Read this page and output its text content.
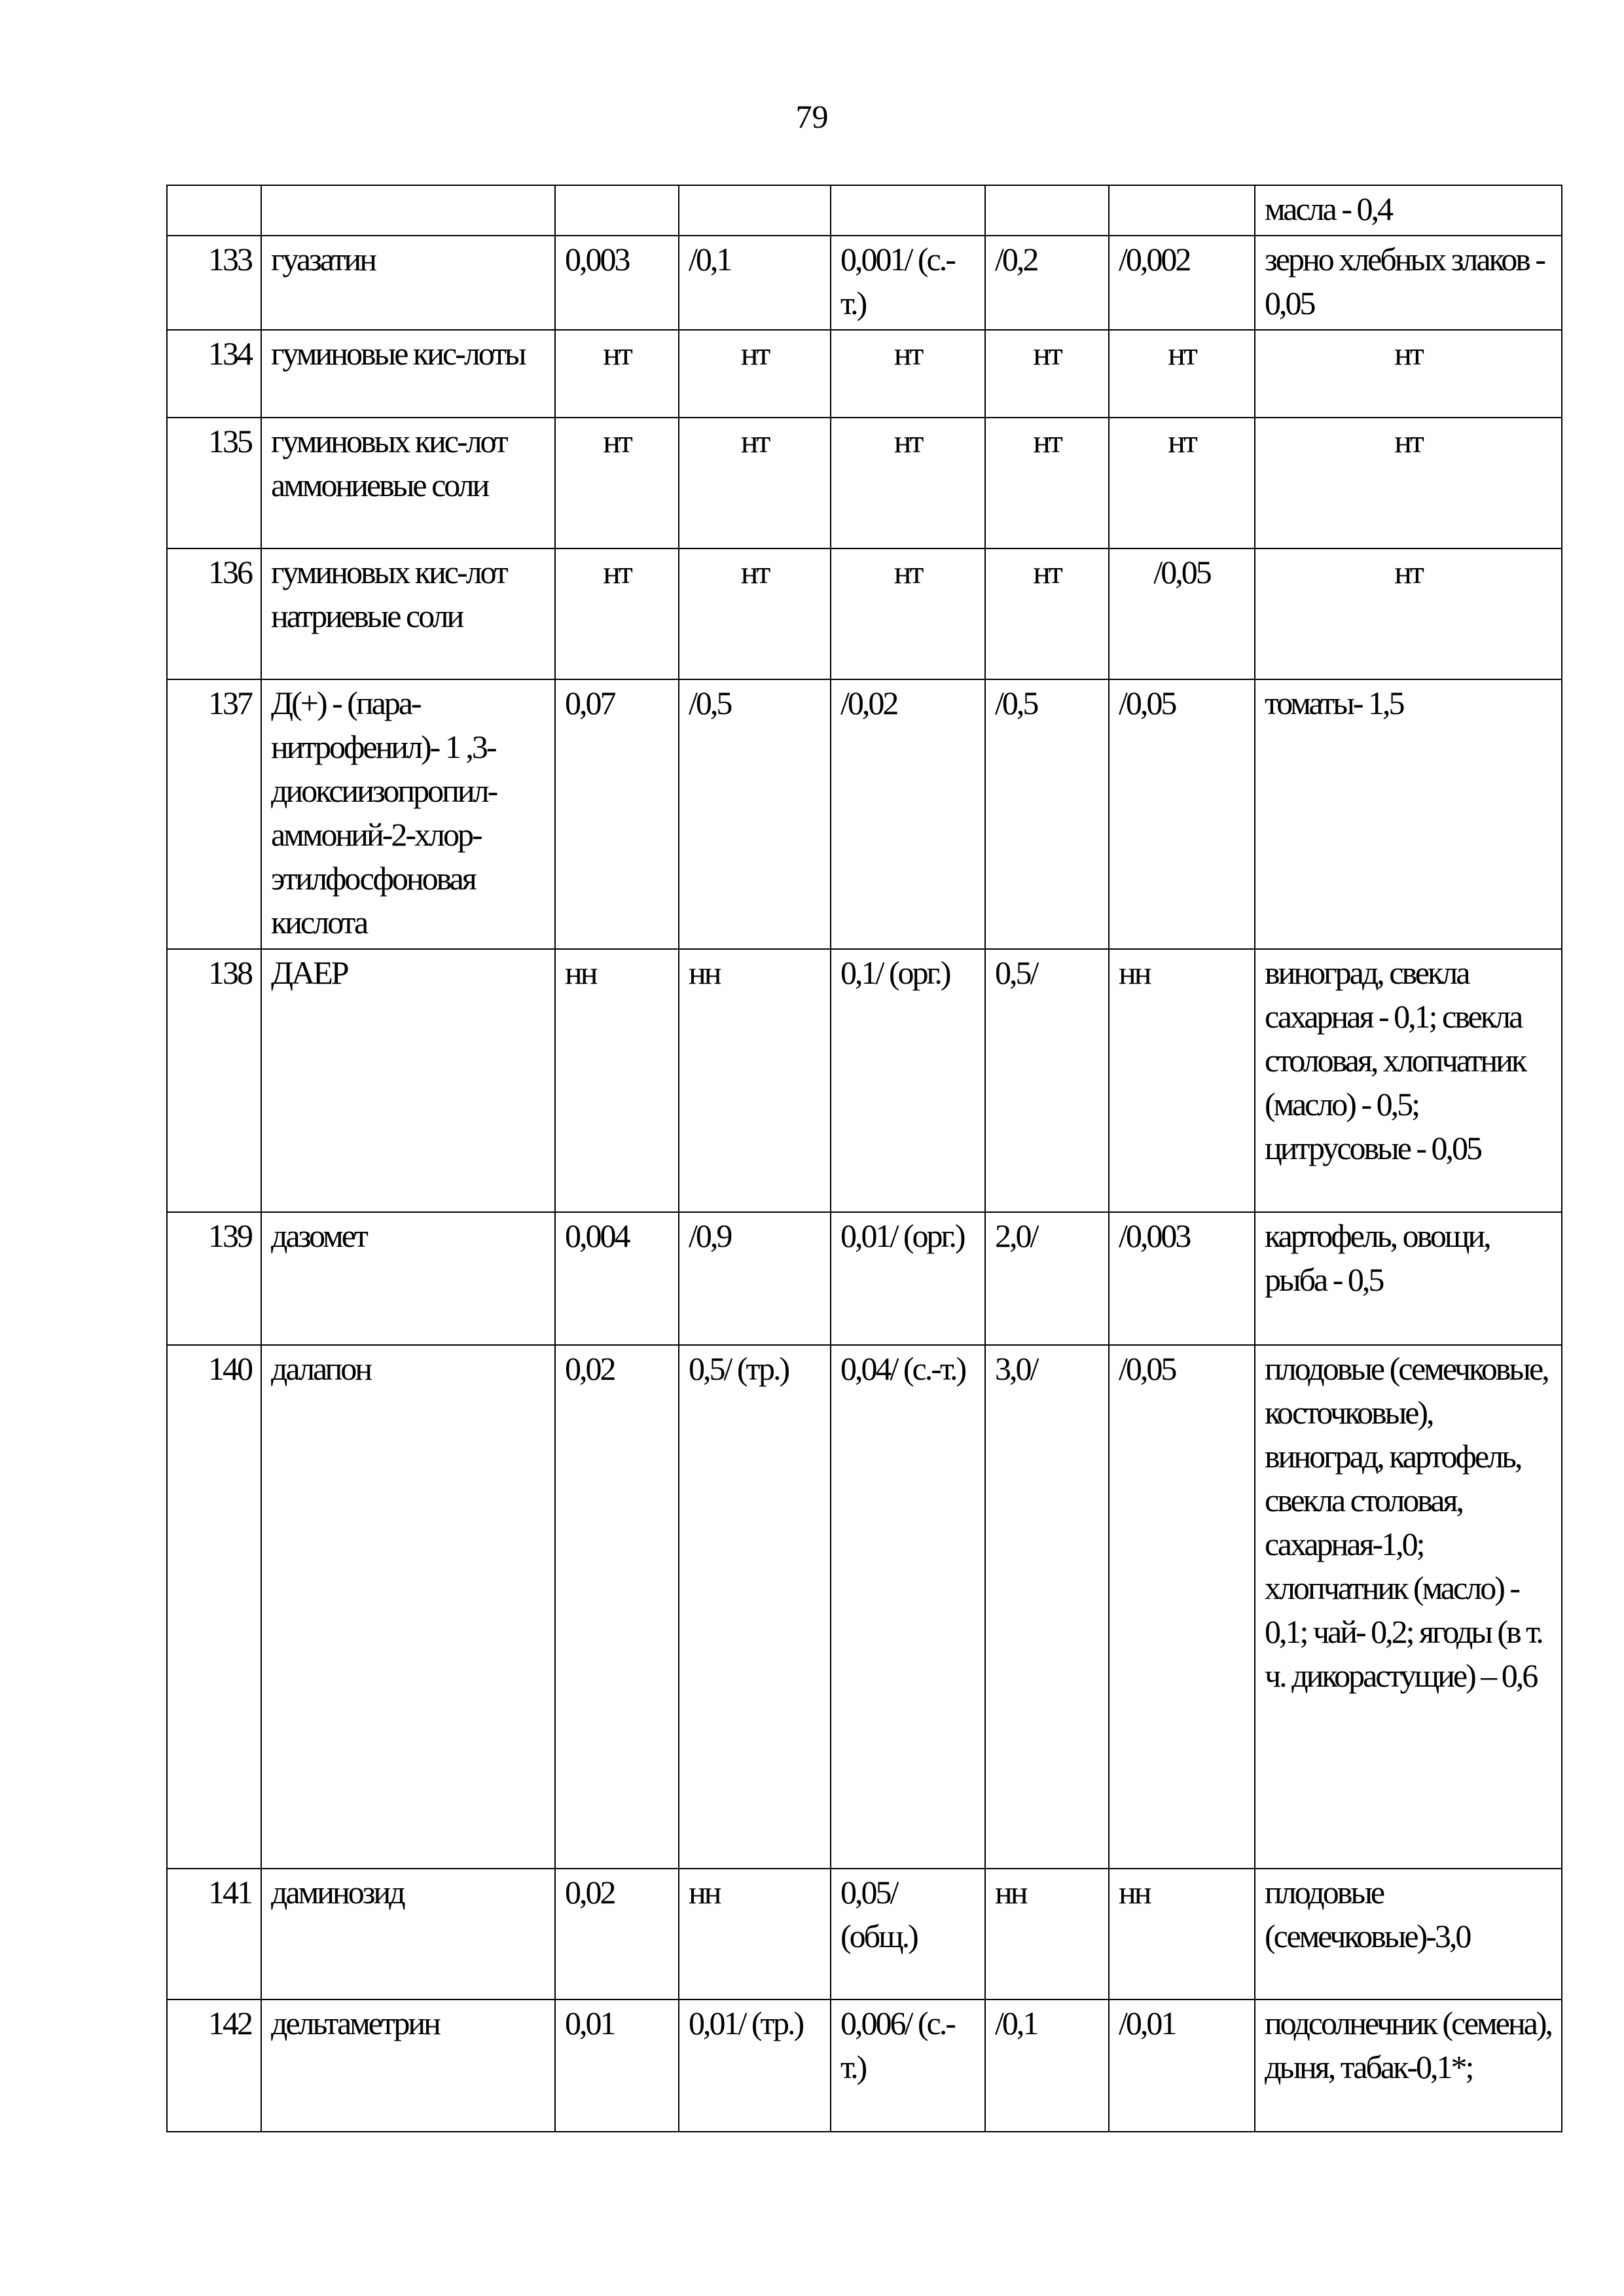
79
							масла - 0,4
133	гуазатин	0,003	/0,1	0,001/ (с.-т.)	/0,2	/0,002	зерно хлебных злаков - 0,05
134	гуминовые кис-лоты	нт	нт	нт	нт	нт	нт
135	гуминовых кис-лот аммониевые соли	нт	нт	нт	нт	нт	нт
136	гуминовых кис-лот натриевые соли	нт	нт	нт	нт	/0,05	нт
137	Д(+) - (пара-нитрофенил)- 1 ,3-диоксиизопропил-аммоний-2-хлор-этилфосфоновая кислота	0,07	/0,5	/0,02	/0,5	/0,05	томаты- 1,5
138	ДАЕР	нн	нн	0,1/ (орг.)	0,5/	нн	виноград, свекла сахарная - 0,1; свекла столовая, хлопчатник (масло) - 0,5; цитрусовые - 0,05
139	дазомет	0,004	/0,9	0,01/ (орг.)	2,0/	/0,003	картофель, овощи, рыба - 0,5
140	далапон	0,02	0,5/ (тр.)	0,04/ (с.-т.)	3,0/	/0,05	плодовые (семечковые, косточковые), виноград, картофель, свекла столовая, сахарная-1,0; хлопчатник (масло) - 0,1; чай- 0,2; ягоды (в т. ч. дикорастущие) – 0,6
141	даминозид	0,02	нн	0,05/ (общ.)	нн	нн	плодовые (семечковые)-3,0
142	дельтаметрин	0,01	0,01/ (тр.)	0,006/ (с.-т.)	/0,1	/0,01	подсолнечник (семена), дыня, табак-0,1*;
